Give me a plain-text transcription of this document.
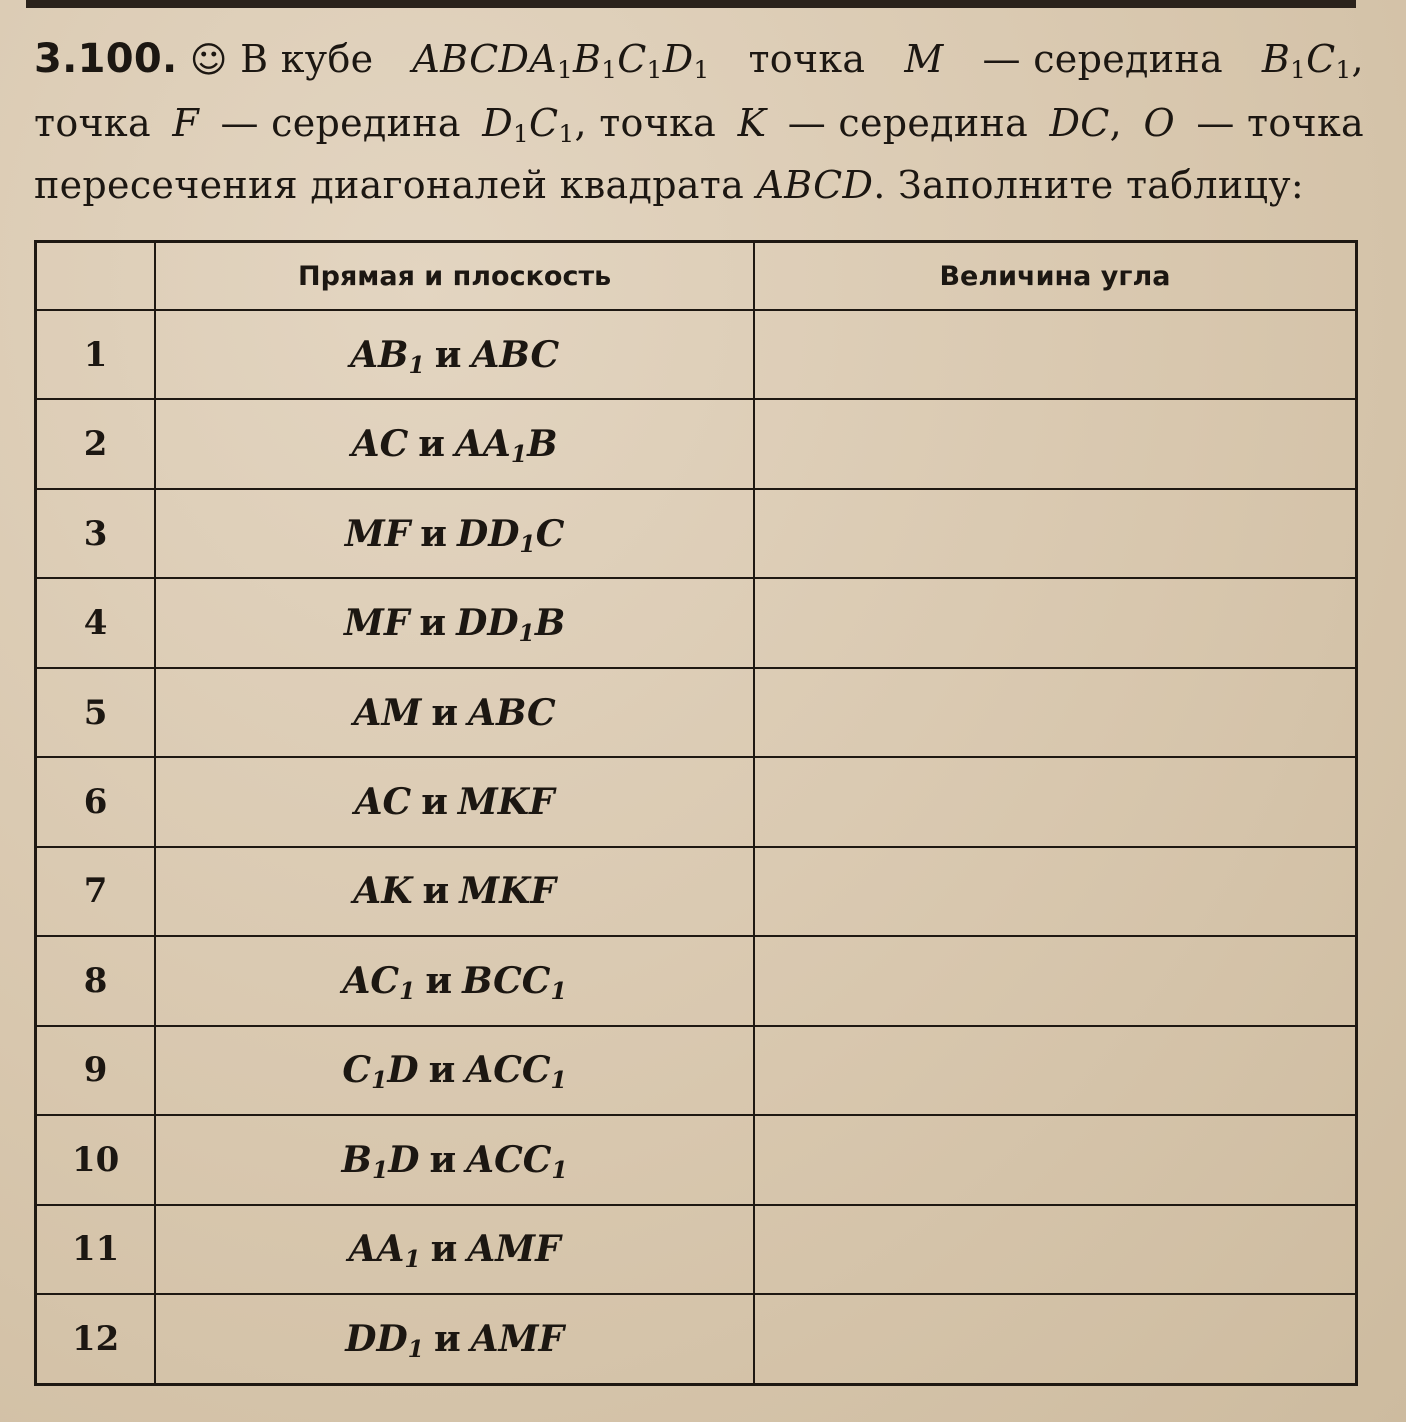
3.100. ☺ В кубе $ABCDA_1B_1C_1D_1$ точка M — середина $B_1C_1$,
точка F — середина $D_1C_1$, точка K — середина DC, O — точка
пересечения диагоналей квадрата ABCD. Заполните таблицу:
	Прямая и плоскость	Величина угла
1	$AB_1$ и ABC	
2	AC и $AA_1B$	
3	MF и $DD_1C$	
4	MF и $DD_1B$	
5	AM и ABC	
6	AC и MKF	
7	AK и MKF	
8	$AC_1$ и $BCC_1$	
9	$C_1D$ и $ACC_1$	
10	$B_1D$ и $ACC_1$	
11	$AA_1$ и AMF	
12	$DD_1$ и AMF	
